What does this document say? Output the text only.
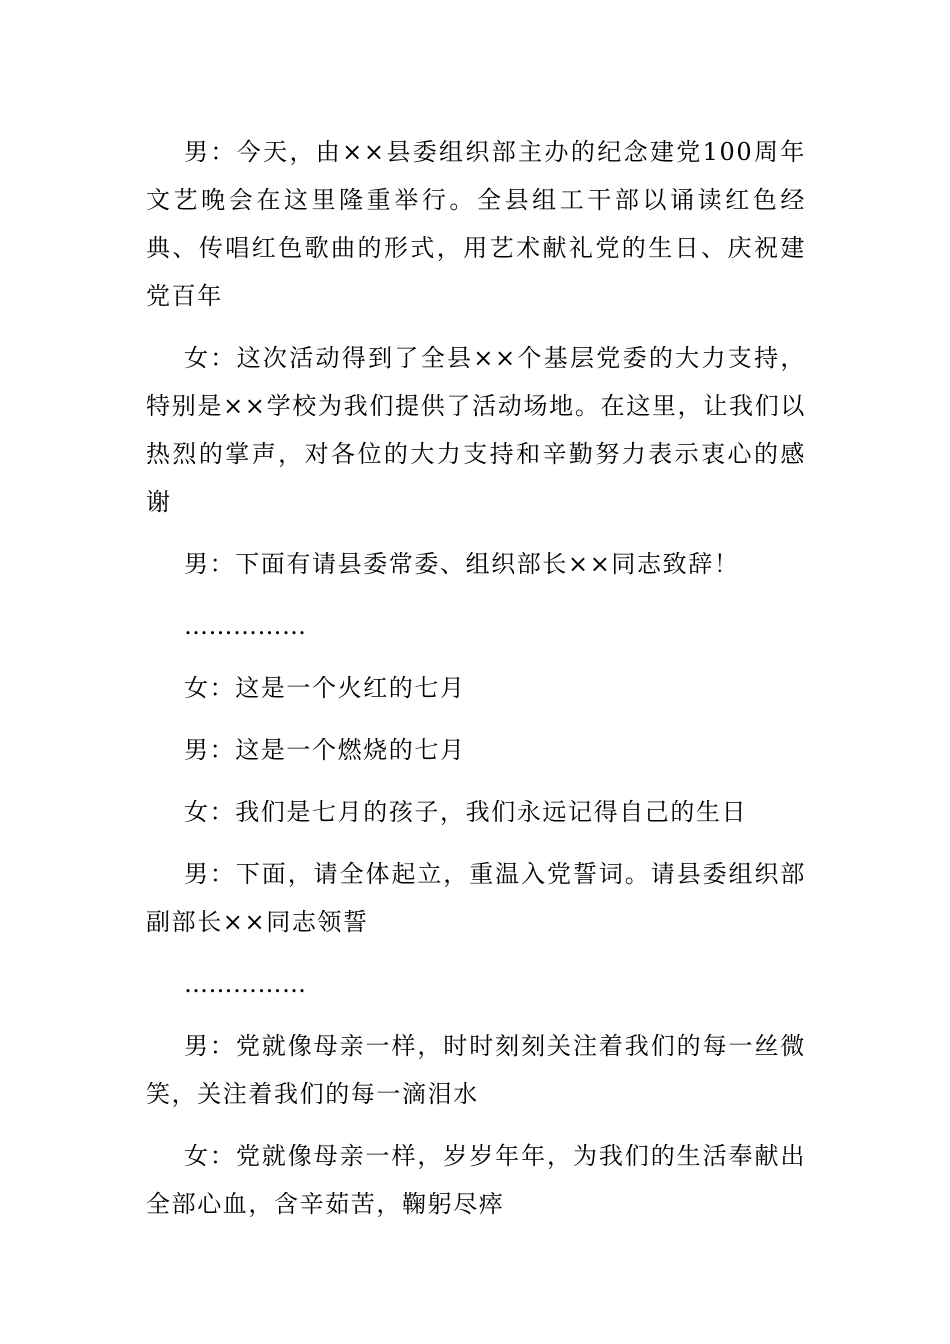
男：今天，由××县委组织部主办的纪念建党100周年文艺晚会在这里隆重举行。全县组工干部以诵读红色经典、传唱红色歌曲的形式，用艺术献礼党的生日、庆祝建党百年

女：这次活动得到了全县××个基层党委的大力支持，特别是××学校为我们提供了活动场地。在这里，让我们以热烈的掌声，对各位的大力支持和辛勤努力表示衷心的感谢

男：下面有请县委常委、组织部长××同志致辞！

……………

女：这是一个火红的七月

男：这是一个燃烧的七月

女：我们是七月的孩子，我们永远记得自己的生日

男：下面，请全体起立，重温入党誓词。请县委组织部副部长××同志领誓

……………

男：党就像母亲一样，时时刻刻关注着我们的每一丝微笑，关注着我们的每一滴泪水

女：党就像母亲一样，岁岁年年，为我们的生活奉献出全部心血，含辛茹苦，鞠躬尽瘁
